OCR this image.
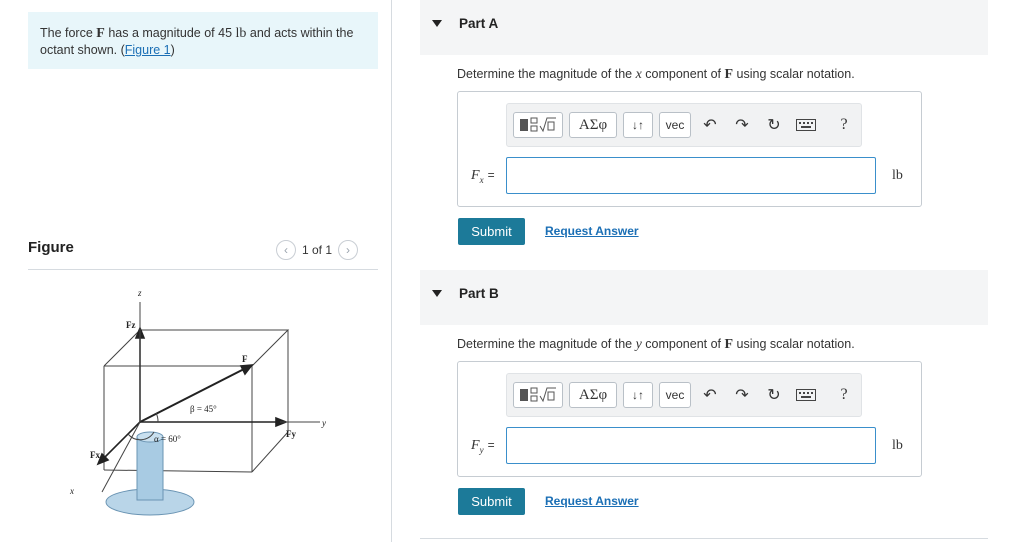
The force F has a magnitude of 45 lb and acts within the octant shown. (Figure 1)
Figure	‹ 1 of 1 ›
z
Fz
F
β = 45°
α = 60°	Fy
y
Fx
x
Part A
Determine the magnitude of the x component of F using scalar notation.
ΑΣφ	↓↑	vec	↶	↷	↻	?
$F_x$ =	lb
Submit	Request Answer
Part B
Determine the magnitude of the y component of F using scalar notation.
ΑΣφ	↓↑	vec	↶	↷	↻	?
$F_y$ =	lb
Submit	Request Answer
